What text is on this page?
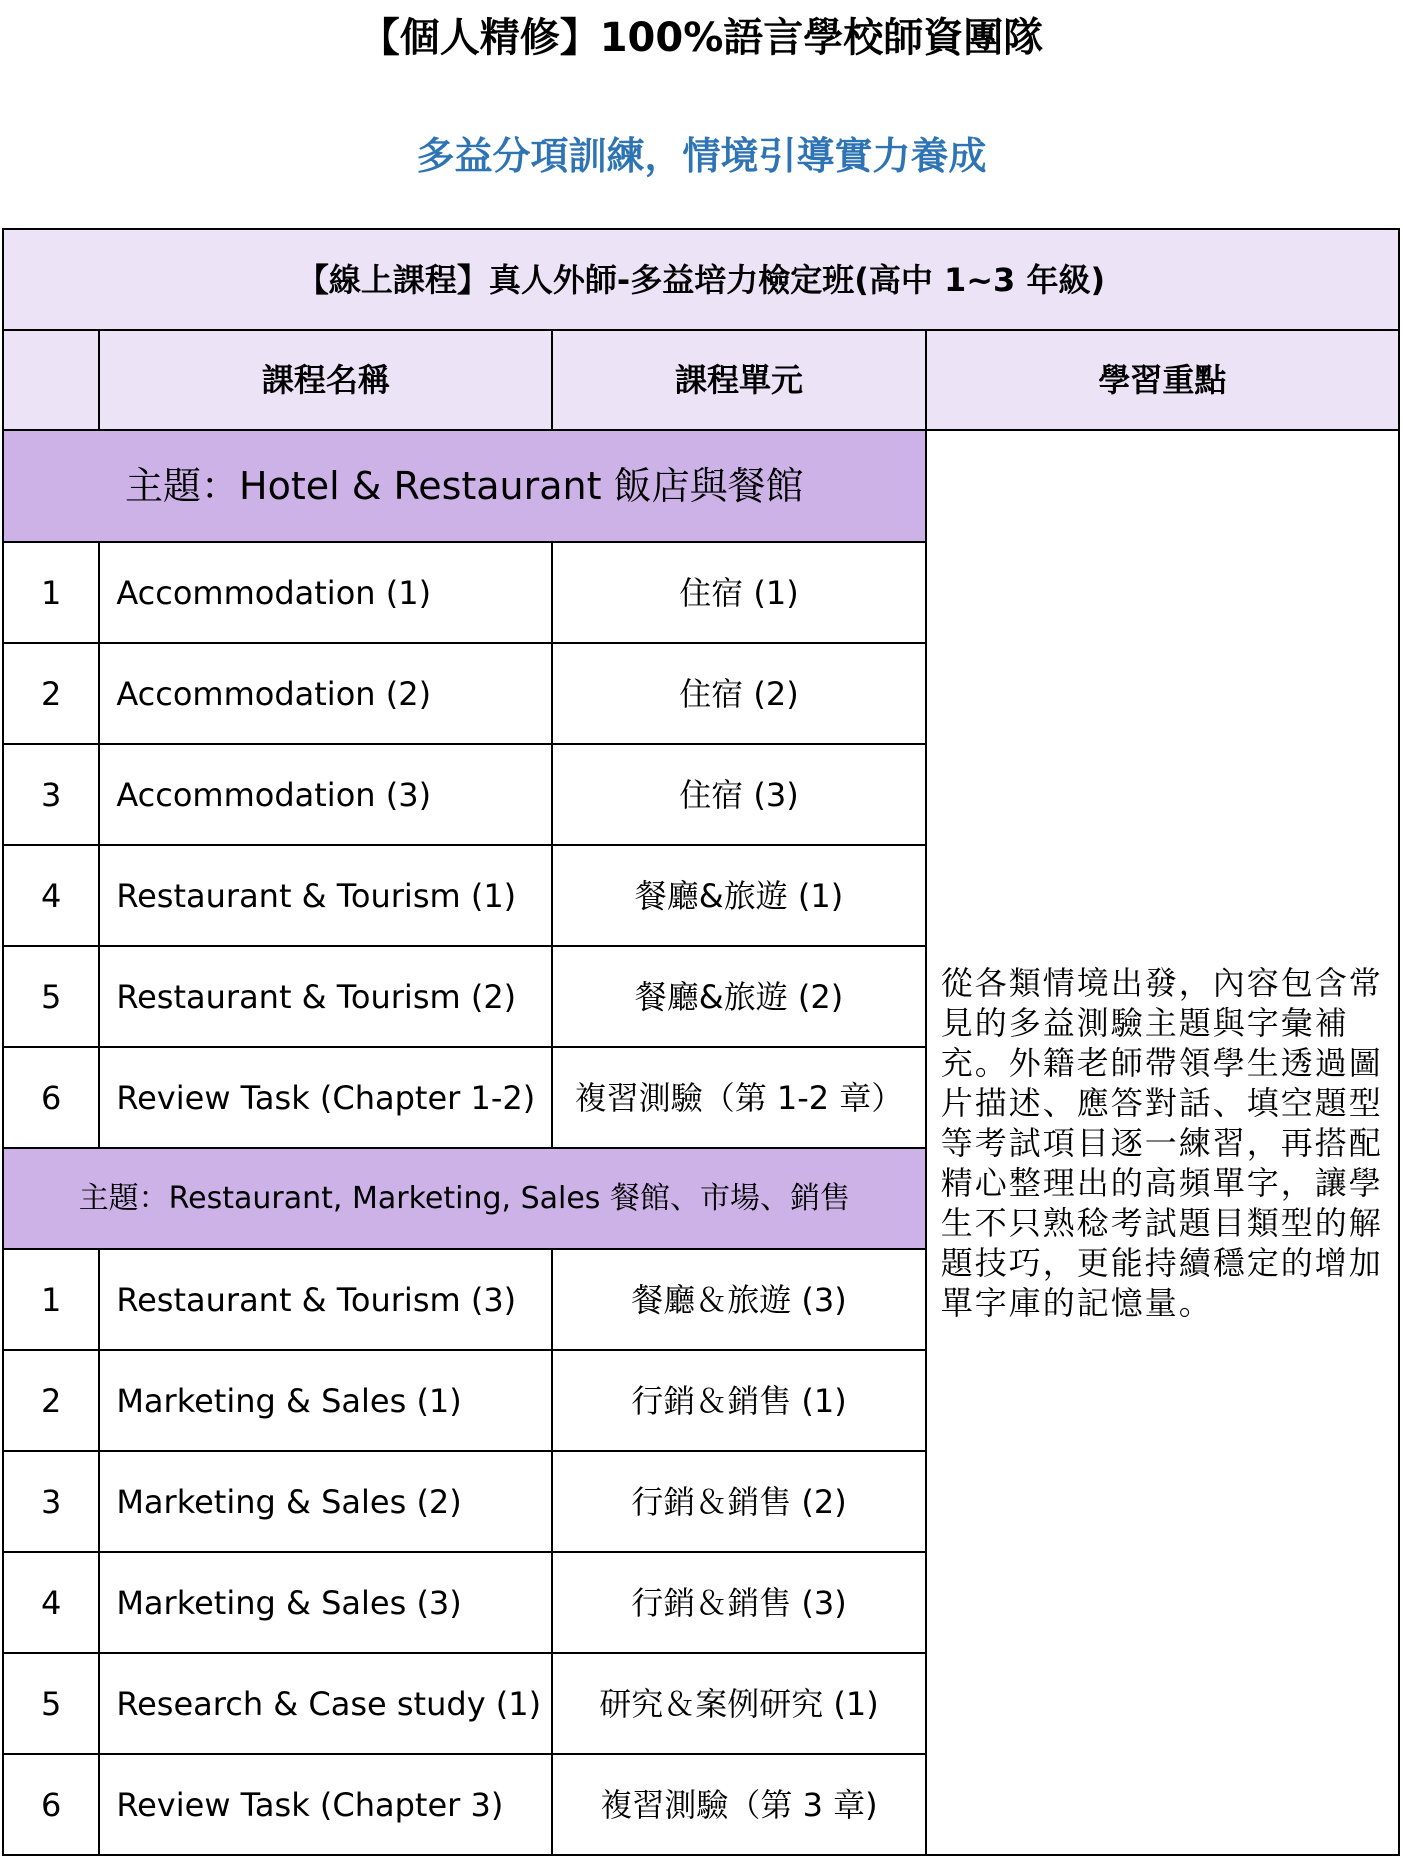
【個人精修】100%語言學校師資團隊
多益分項訓練，情境引導實力養成
【線上課程】真人外師-多益培力檢定班(高中 1~3 年級)			
	課程名稱	課程單元	學習重點
主題：Hotel & Restaurant 飯店與餐館			從各類情境出發，內容包含常見的多益測驗主題與字彙補充。外籍老師帶領學生透過圖片描述、應答對話、填空題型等考試項目逐一練習，再搭配精心整理出的高頻單字，讓學生不只熟稔考試題目類型的解題技巧，更能持續穩定的增加單字庫的記憶量。
1	Accommodation (1)	住宿 (1)	
2	Accommodation (2)	住宿 (2)	
3	Accommodation (3)	住宿 (3)	
4	Restaurant & Tourism (1)	餐廳&旅遊 (1)	
5	Restaurant & Tourism (2)	餐廳&旅遊 (2)	
6	Review Task (Chapter 1-2)	複習測驗（第 1-2 章）	
主題：Restaurant, Marketing, Sales 餐館、市場、銷售			
1	Restaurant & Tourism (3)	餐廳＆旅遊 (3)	
2	Marketing & Sales (1)	行銷＆銷售 (1)	
3	Marketing & Sales (2)	行銷＆銷售 (2)	
4	Marketing & Sales (3)	行銷＆銷售 (3)	
5	Research & Case study (1)	研究＆案例研究 (1)	
6	Review Task (Chapter 3)	複習測驗（第 3 章)	
